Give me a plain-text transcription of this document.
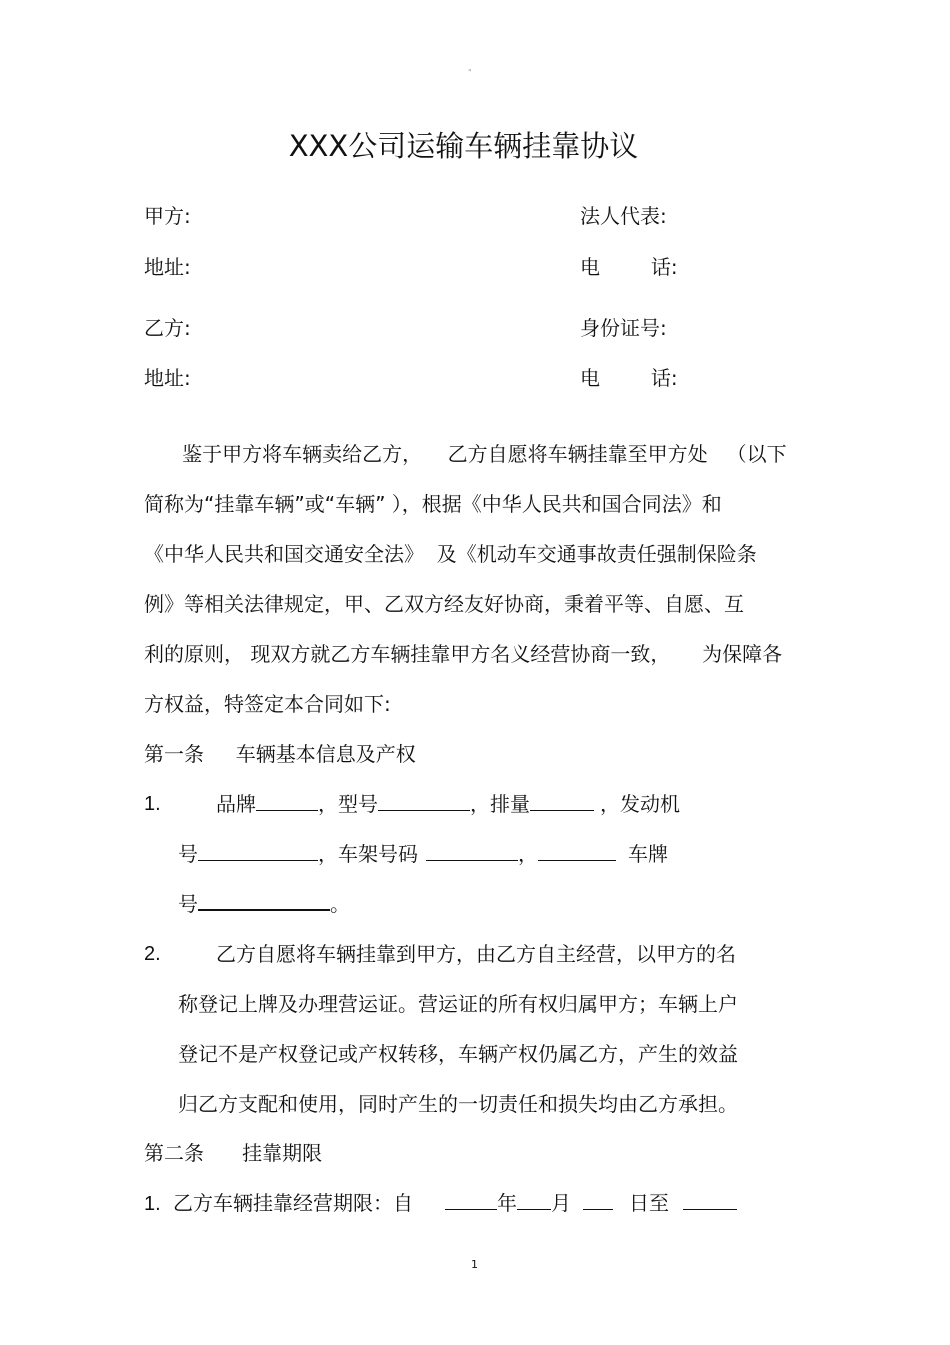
"
XXX公司运输车辆挂靠协议
甲方:	法人代表:
地址:	电        话:
乙方:	身份证号:
地址:	电        话:
鉴于甲方将车辆卖给乙方，    乙方自愿将车辆挂靠至甲方处   （以下
简称为“挂靠车辆”或“车辆” ），根据《中华人民共和国合同法》和
《中华人民共和国交通安全法》  及《机动车交通事故责任强制保险条
例》等相关法律规定，甲、乙双方经友好协商，秉着平等、自愿、互
利的原则， 现双方就乙方车辆挂靠甲方名义经营协商一致，     为保障各
方权益，特签定本合同如下:
第一条     车辆基本信息及产权
1.	品牌	，型号	，排量	，发动机
号	，车架号码	，	车牌
号	。
2.	乙方自愿将车辆挂靠到甲方，由乙方自主经营，以甲方的名
称登记上牌及办理营运证。营运证的所有权归属甲方；车辆上户
登记不是产权登记或产权转移，车辆产权仍属乙方，产生的效益
归乙方支配和使用，同时产生的一切责任和损失均由乙方承担。
第二条      挂靠期限
1. 乙方车辆挂靠经营期限：自	年 月	日至
1
